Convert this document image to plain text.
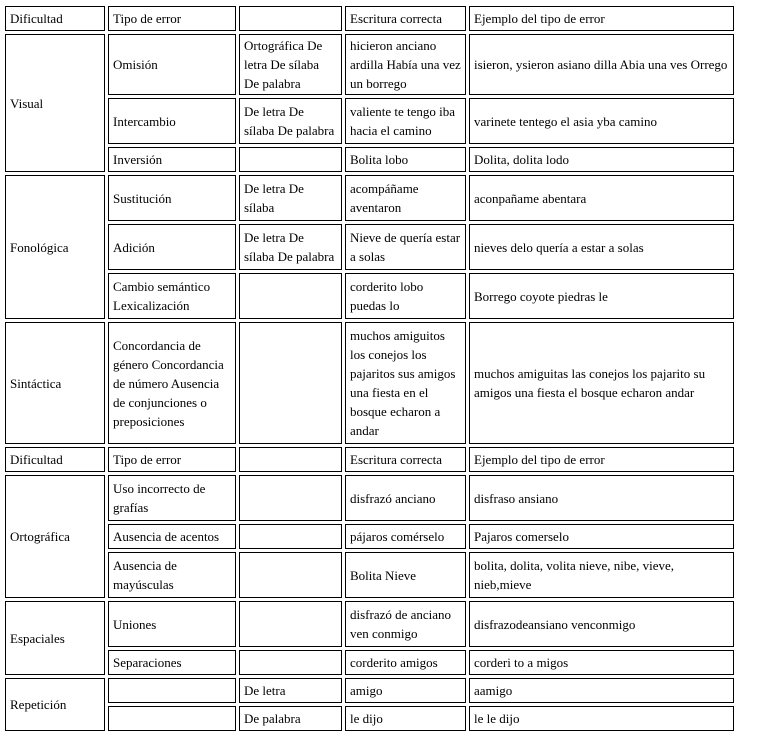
Dificultad	Tipo de error		Escritura correcta	Ejemplo del tipo de error
Visual	Omisión	Ortográfica De letra De sílaba De palabra	hicieron anciano ardilla Había una vez un borrego	isieron, ysieron asiano dilla Abia una ves Orrego
	Intercambio	De letra De sílaba De palabra	valiente te tengo iba hacia el camino	varinete tentego el asia yba camino
	Inversión		Bolita lobo	Dolita, dolita lodo
Fonológica	Sustitución	De letra De sílaba	acompáñame aventaron	aconpañame abentara
	Adición	De letra De sílaba De palabra	Nieve de quería estar a solas	nieves delo quería a estar a solas
	Cambio semántico Lexicalización		corderito lobo puedas lo	Borrego coyote piedras le
Sintáctica	Concordancia de género Concordancia de número Ausencia de conjunciones o preposiciones		muchos amiguitos los conejos los pajaritos sus amigos una fiesta en el bosque echaron a andar	muchos amiguitas las conejos los pajarito su amigos una fiesta el bosque echaron andar
Dificultad	Tipo de error		Escritura correcta	Ejemplo del tipo de error
Ortográfica	Uso incorrecto de grafías		disfrazó anciano	disfraso ansiano
	Ausencia de acentos		pájaros comérselo	Pajaros comerselo
	Ausencia de mayúsculas		Bolita Nieve	bolita, dolita, volita nieve, nibe, vieve, nieb,mieve
Espaciales	Uniones		disfrazó de anciano ven conmigo	disfrazodeansiano venconmigo
	Separaciones		corderito amigos	corderi to a migos
Repetición		De letra	amigo	aamigo
		De palabra	le dijo	le le dijo
